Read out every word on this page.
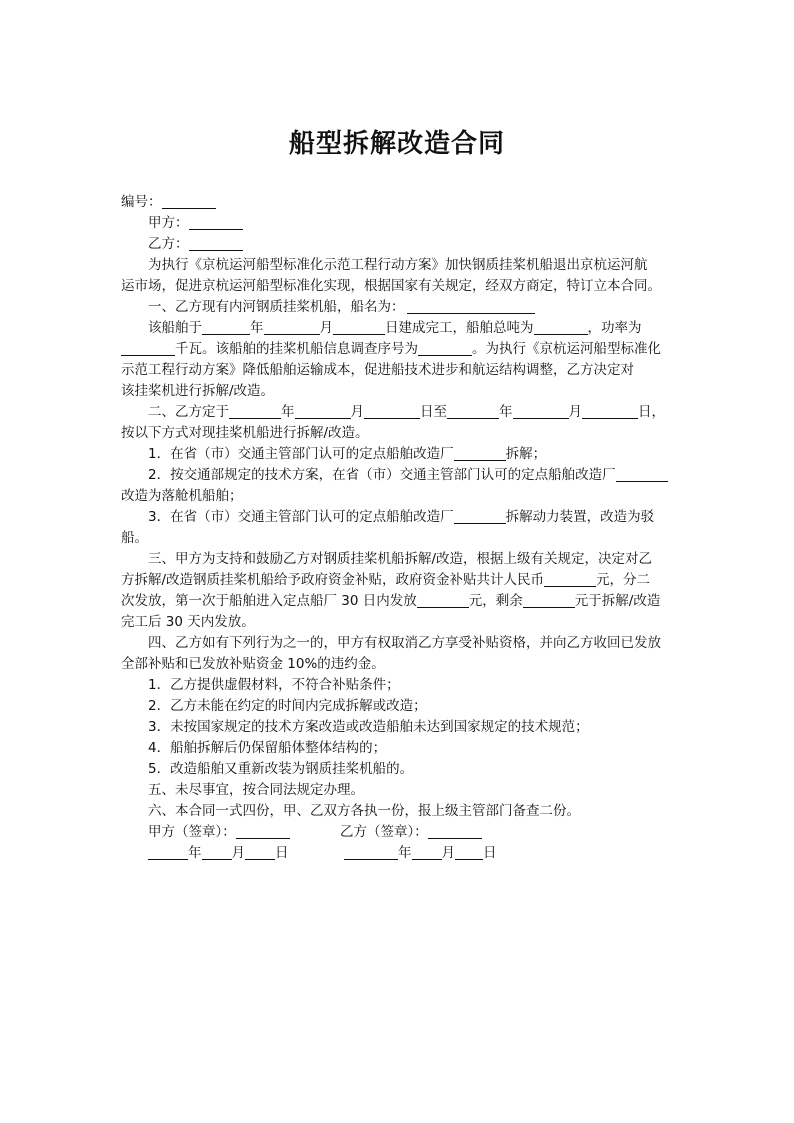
船型拆解改造合同
编号：
甲方：
乙方：
为执行《京杭运河船型标准化示范工程行动方案》加快钢质挂桨机船退出京杭运河航
运市场，促进京杭运河船型标准化实现，根据国家有关规定，经双方商定，特订立本合同。
一、乙方现有内河钢质挂桨机船，船名为：
该船舶于	年	月	日建成完工，船舶总吨为	，功率为
千瓦。该船舶的挂桨机船信息调查序号为	。为执行《京杭运河船型标准化
示范工程行动方案》降低船舶运输成本，促进船技术进步和航运结构调整，乙方决定对
该挂桨机进行拆解/改造。
二、乙方定于	年	月	日至	年	月	日，
按以下方式对现挂桨机船进行拆解/改造。
1．在省（市）交通主管部门认可的定点船舶改造厂	拆解；
2．按交通部规定的技术方案，在省（市）交通主管部门认可的定点船舶改造厂
改造为落舱机船舶；
3．在省（市）交通主管部门认可的定点船舶改造厂	拆解动力装置，改造为驳
船。
三、甲方为支持和鼓励乙方对钢质挂桨机船拆解/改造，根据上级有关规定，决定对乙
方拆解/改造钢质挂桨机船给予政府资金补贴，政府资金补贴共计人民币	元，分二
次发放，第一次于船舶进入定点船厂 30 日内发放	元，剩余	元于拆解/改造
完工后 30 天内发放。
四、乙方如有下列行为之一的，甲方有权取消乙方享受补贴资格，并向乙方收回已发放
全部补贴和已发放补贴资金 10%的违约金。
1．乙方提供虚假材料，不符合补贴条件；
2．乙方未能在约定的时间内完成拆解或改造；
3．未按国家规定的技术方案改造或改造船舶未达到国家规定的技术规范；
4．船舶拆解后仍保留船体整体结构的；
5．改造船舶又重新改装为钢质挂桨机船的。
五、未尽事宜，按合同法规定办理。
六、本合同一式四份，甲、乙双方各执一份，报上级主管部门备查二份。
甲方（签章）：	乙方（签章）：
年 月 日	年 月 日
